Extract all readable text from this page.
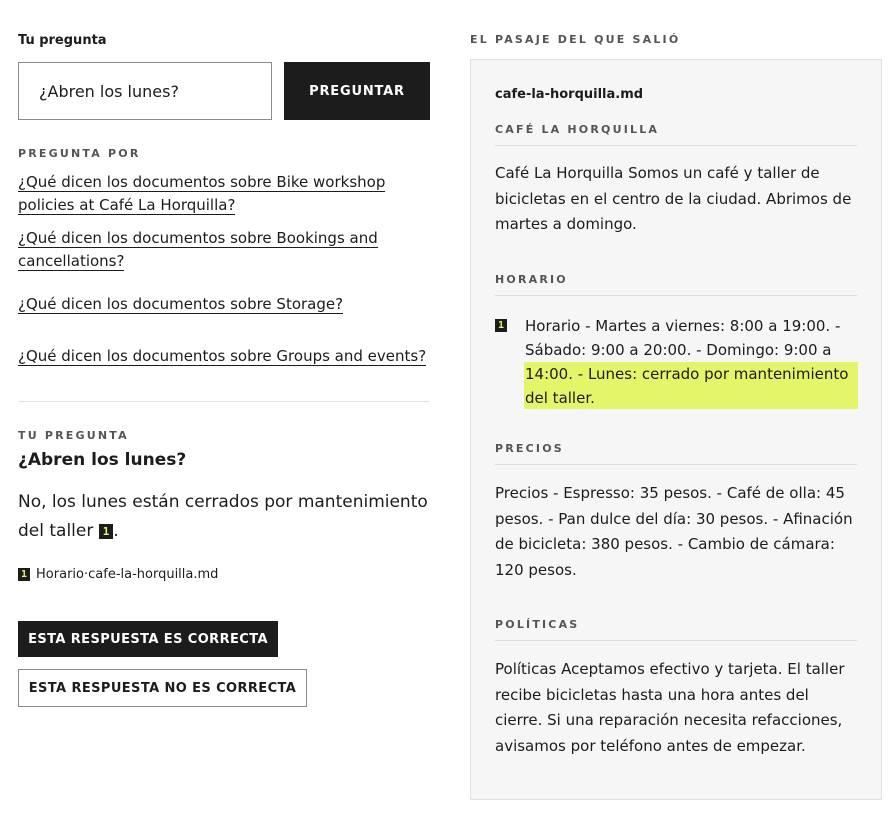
Tu pregunta
¿Abren los lunes?
PREGUNTAR
PREGUNTA POR
¿Qué dicen los documentos sobre Bike workshop policies at Café La Horquilla?
¿Qué dicen los documentos sobre Bookings and cancellations?
¿Qué dicen los documentos sobre Storage?
¿Qué dicen los documentos sobre Groups and events?
TU PREGUNTA
¿Abren los lunes?
No, los lunes están cerrados por mantenimiento del taller 1 .
1 Horario·cafe-la-horquilla.md
ESTA RESPUESTA ES CORRECTA
ESTA RESPUESTA NO ES CORRECTA
EL PASAJE DEL QUE SALIÓ
cafe-la-horquilla.md
CAFÉ LA HORQUILLA
Café La Horquilla Somos un café y taller de bicicletas en el centro de la ciudad. Abrimos de martes a domingo.
HORARIO
1 Horario - Martes a viernes: 8:00 a 19:00. - Sábado: 9:00 a 20:00. - Domingo: 9:00 a 14:00. - Lunes: cerrado por mantenimiento del taller.
PRECIOS
Precios - Espresso: 35 pesos. - Café de olla: 45 pesos. - Pan dulce del día: 30 pesos. - Afinación de bicicleta: 380 pesos. - Cambio de cámara: 120 pesos.
POLÍTICAS
Políticas Aceptamos efectivo y tarjeta. El taller recibe bicicletas hasta una hora antes del cierre. Si una reparación necesita refacciones, avisamos por teléfono antes de empezar.
